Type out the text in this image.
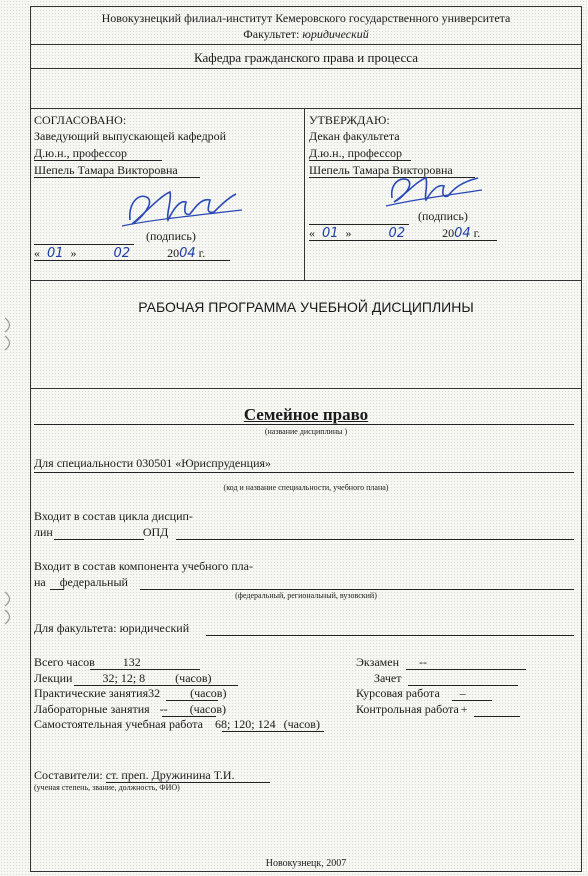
Новокузнецкий филиал-институт Кемеровского государственного университета
Факультет: юридический
Кафедра гражданского права и процесса
СОГЛАСОВАНО:
Заведующий выпускающей кафедрой
Д.ю.н., профессор
Шепель Тамара Викторовна
(подпись)
« 01 »	02	2004 г.
УТВЕРЖДАЮ:
Декан факультета
Д.ю.н., профессор
Шепель Тамара Викторовна
(подпись)
« 01 »	02	2004 г.
РАБОЧАЯ ПРОГРАММА УЧЕБНОЙ ДИСЦИПЛИНЫ
Семейное право
(название дисциплины )
Для специальности 030501 «Юриспруденция»
(код и название специальности, учебного плана)
Входит в состав цикла дисцип-
лин	ОПД
Входит в состав компонента учебного пла-
на федеральный
(федеральный, региональный, вузовский)
Для факультета: юридический
Всего часов 132
Лекции	32; 12; 8	(часов)
Практические занятия32	(часов)
Лабораторные занятия -- (часов)
Самостоятельная учебная работа 68; 120; 124 (часов)
Экзамен --
Зачет
Курсовая работа –
Контрольная работа +
Составители: ст. преп. Дружинина Т.И.
(ученая степень, звание, должность, ФИО)
Новокузнецк, 2007
